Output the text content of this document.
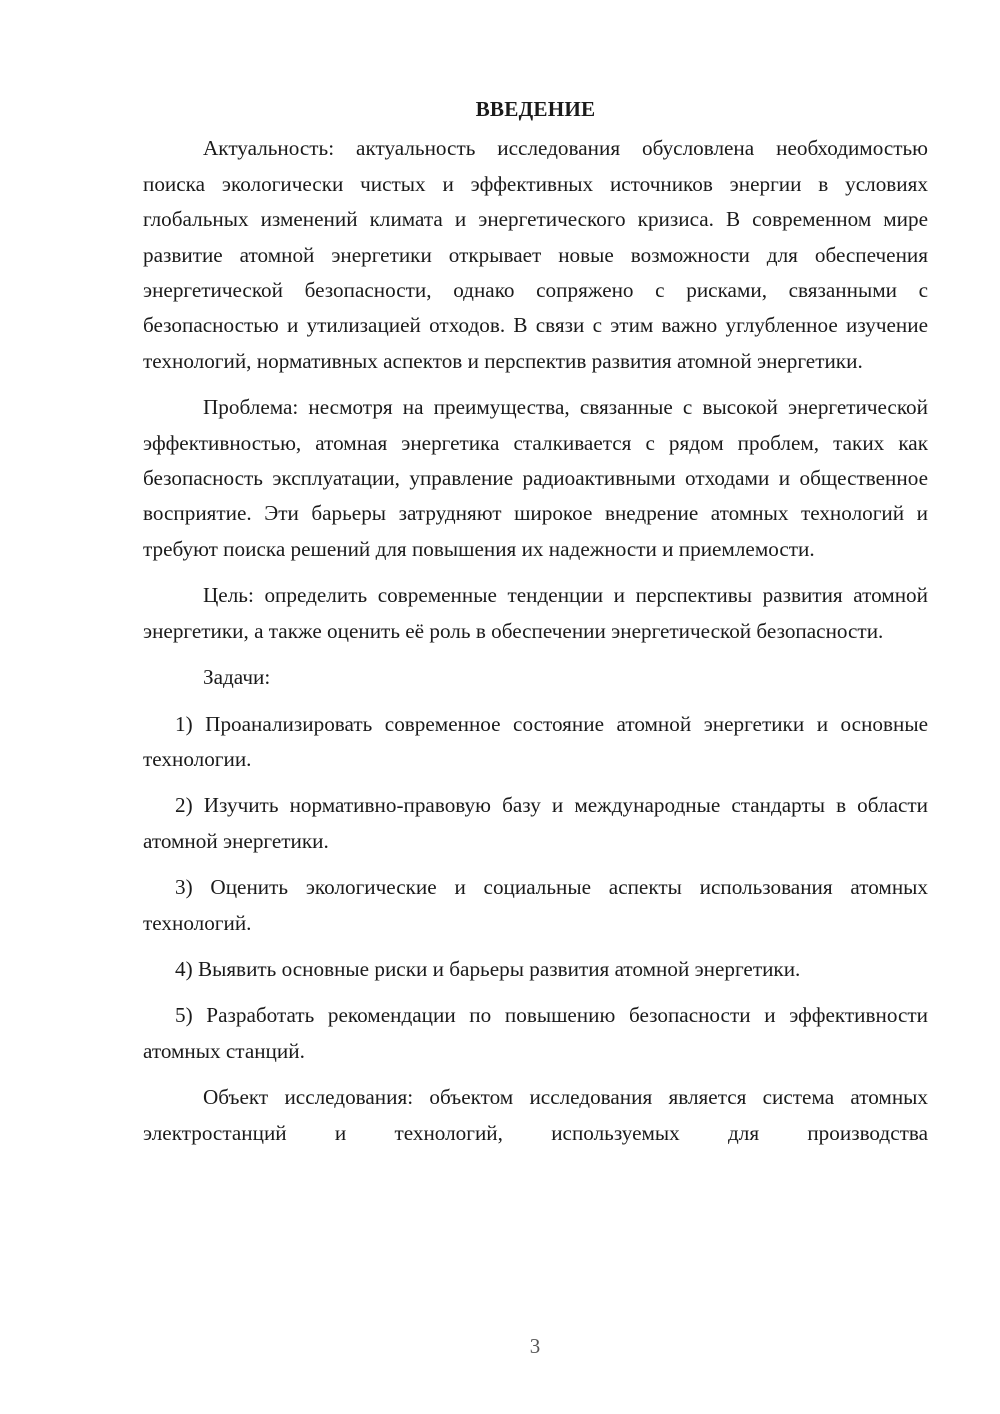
ВВЕДЕНИЕ

Актуальность: актуальность исследования обусловлена необходимостью поиска экологически чистых и эффективных источников энергии в условиях глобальных изменений климата и энергетического кризиса. В современном мире развитие атомной энергетики открывает новые возможности для обеспечения энергетической безопасности, однако сопряжено с рисками, связанными с безопасностью и утилизацией отходов. В связи с этим важно углубленное изучение технологий, нормативных аспектов и перспектив развития атомной энергетики.

Проблема: несмотря на преимущества, связанные с высокой энергетической эффективностью, атомная энергетика сталкивается с рядом проблем, таких как безопасность эксплуатации, управление радиоактивными отходами и общественное восприятие. Эти барьеры затрудняют широкое внедрение атомных технологий и требуют поиска решений для повышения их надежности и приемлемости.

Цель: определить современные тенденции и перспективы развития атомной энергетики, а также оценить её роль в обеспечении энергетической безопасности.

Задачи:

1) Проанализировать современное состояние атомной энергетики и основные технологии.

2) Изучить нормативно-правовую базу и международные стандарты в области атомной энергетики.

3) Оценить экологические и социальные аспекты использования атомных технологий.

4) Выявить основные риски и барьеры развития атомной энергетики.

5) Разработать рекомендации по повышению безопасности и эффективности атомных станций.

Объект исследования: объектом исследования является система атомных электростанций и технологий, используемых для производства

3
